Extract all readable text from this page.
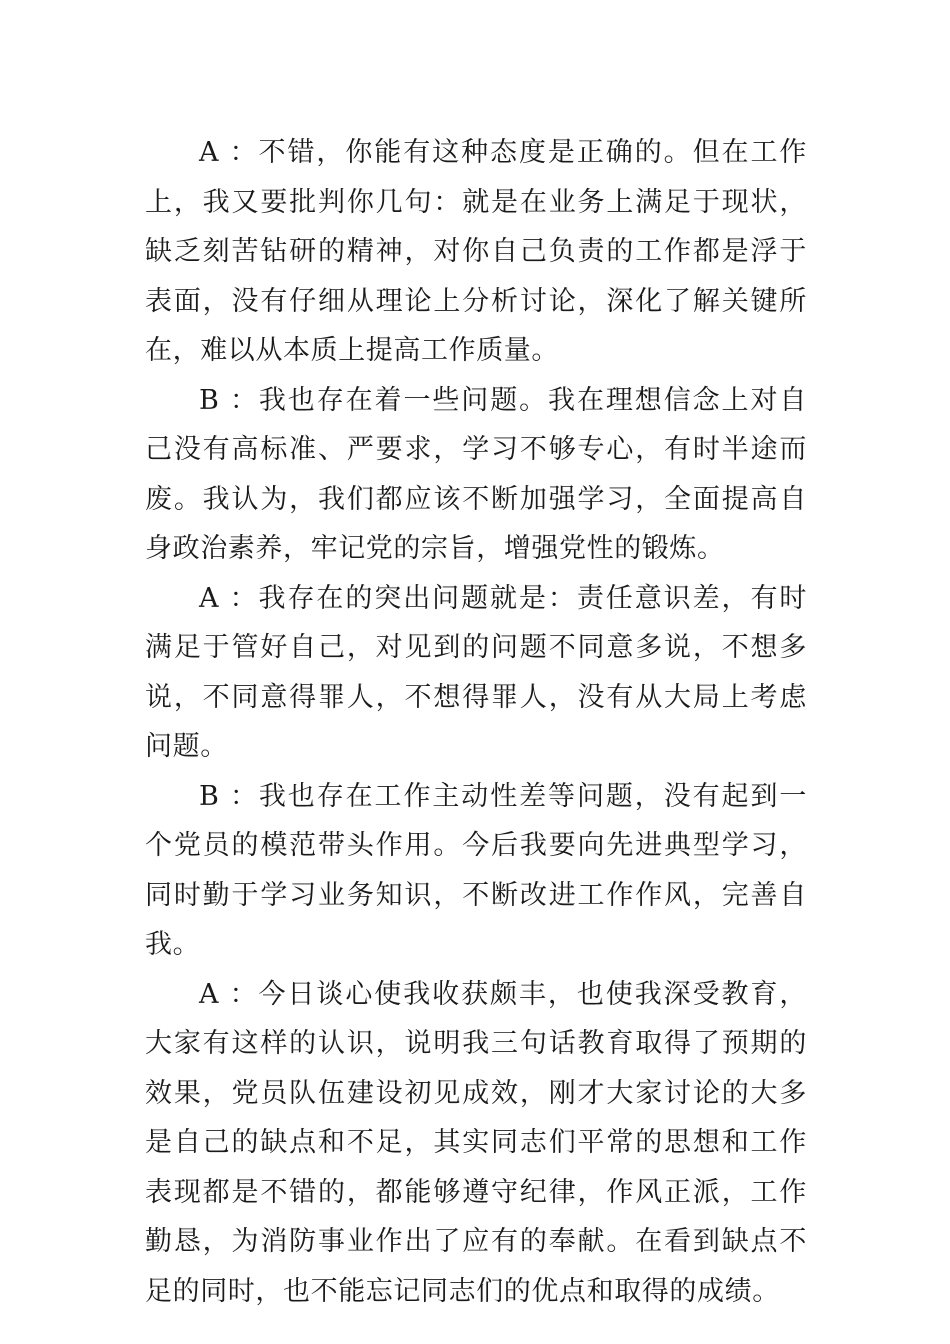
A ：不错，你能有这种态度是正确的。但在工作上，我又要批判你几句：就是在业务上满足于现状，缺乏刻苦钻研的精神，对你自己负责的工作都是浮于表面，没有仔细从理论上分析讨论，深化了解关键所在，难以从本质上提高工作质量。

B ：我也存在着一些问题。我在理想信念上对自己没有高标准、严要求，学习不够专心，有时半途而废。我认为，我们都应该不断加强学习，全面提高自身政治素养，牢记党的宗旨，增强党性的锻炼。

A ：我存在的突出问题就是：责任意识差，有时满足于管好自己，对见到的问题不同意多说，不想多说，不同意得罪人，不想得罪人，没有从大局上考虑问题。

B ：我也存在工作主动性差等问题，没有起到一个党员的模范带头作用。今后我要向先进典型学习，同时勤于学习业务知识，不断改进工作作风，完善自我。

A ：今日谈心使我收获颇丰，也使我深受教育，大家有这样的认识，说明我三句话教育取得了预期的效果，党员队伍建设初见成效，刚才大家讨论的大多是自己的缺点和不足，其实同志们平常的思想和工作表现都是不错的，都能够遵守纪律，作风正派，工作勤恳，为消防事业作出了应有的奉献。在看到缺点不足的同时，也不能忘记同志们的优点和取得的成绩。
